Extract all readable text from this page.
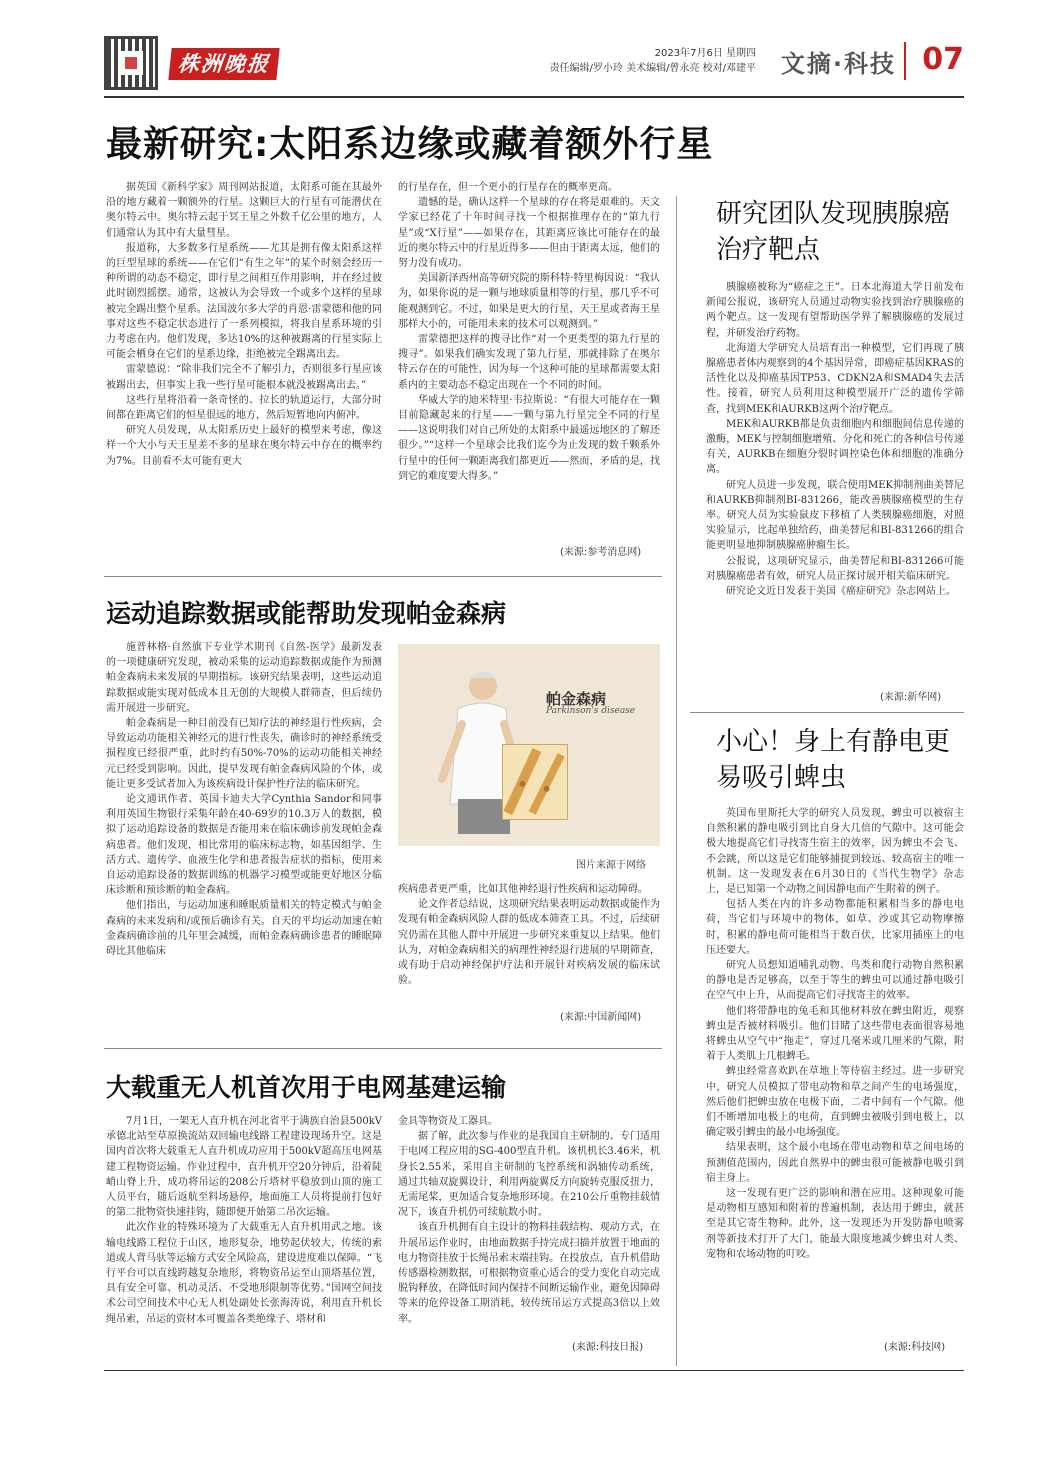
株洲晚报	2023年7月6日 星期四
责任编辑/罗小玲 美术编辑/曾永亮 校对/邓建平 文摘·科技 07
最新研究:太阳系边缘或藏着额外行星

据英国《新科学家》周刊网站报道，太阳系可能在其最外沿的地方藏着一颗额外的行星。这颗巨大的行星有可能潜伏在奥尔特云中。奥尔特云起于冥王星之外数千亿公里的地方，人们通常认为其中有大量彗星。

报道称，大多数多行星系统——尤其是拥有像太阳系这样的巨型星球的系统——在它们“有生之年”的某个时刻会经历一种所谓的动态不稳定，即行星之间相互作用影响，并在经过彼此时剧烈摇摆。通常，这被认为会导致一个或多个这样的星球被完全踢出整个星系。法国波尔多大学的肖恩·雷蒙德和他的同事对这些不稳定状态进行了一系列模拟，将我自星系环境的引力考虑在内。他们发现，多达10%的这种被踢离的行星实际上可能会栖身在它们的星系边缘，拒绝被完全踢离出去。

雷蒙德说：“除非我们完全不了解引力，否则很多行星应该被踢出去，但事实上我一些行星可能根本就没被踢离出去。”

这些行星将沿着一条奇怪的、拉长的轨道运行，大部分时间都在距离它们的恒星很远的地方，然后短暂地向内俯冲。

研究人员发现，从太阳系历史上最好的模型来考虑，像这样一个大小与天王星差不多的星球在奥尔特云中存在的概率约为7%。目前看不太可能有更大

的行星存在，但一个更小的行星存在的概率更高。

遗憾的是，确认这样一个星球的存在将是艰难的。天文学家已经花了十年时间寻找一个根据推理存在的“第九行星”或“X行星”——如果存在，其距离应该比可能存在的最近的奥尔特云中的行星近得多——但由于距离太远，他们的努力没有成功。

美国新泽西州高等研究院的斯科特·特里梅因说：“我认为，如果你说的是一颗与地球质量相等的行星，那几乎不可能观测到它。不过，如果是更大的行星，天王星或者海王星那样大小的，可能用未来的技术可以观测到。”

雷蒙德把这样的搜寻比作“对一个更类型的第九行星的搜寻”。如果我们确实发现了第九行星，那就排除了在奥尔特云存在的可能性，因为每一个这种可能的星球都需要太阳系内的主要动态不稳定出现在一个不同的时间。

华威大学的迪米特里·韦拉斯说：“有很大可能存在一颗目前隐藏起来的行星——一颗与第九行星完全不同的行星——这说明我们对自己所处的太阳系中最遥远地区的了解还很少。”“这样一个星球会比我们迄今为止发现的数千颗系外行星中的任何一颗距离我们都更近——然而，矛盾的是，找到它的难度要大得多。”

(来源:参考消息网)
运动追踪数据或能帮助发现帕金森病

施普林格·自然旗下专业学术期刊《自然-医学》最新发表的一项健康研究发现，被动采集的运动追踪数据或能作为预测帕金森病未来发展的早期指标。该研究结果表明，这些运动追踪数据或能实现对低成本且无创的大规模人群筛查，但后续仍需开展进一步研究。

帕金森病是一种目前没有已知疗法的神经退行性疾病，会导致运动功能相关神经元的进行性丧失，确诊时的神经系统受损程度已经很严重，此时约有50%-70%的运动功能相关神经元已经受到影响。因此，提早发现有帕金森病风险的个体，或能让更多受试者加入为该疾病设计保护性疗法的临床研究。

论文通讯作者、英国卡迪夫大学Cynthia Sandor和同事利用英国生物银行采集年龄在40-69岁的10.3万人的数据，模拟了运动追踪设备的数据是否能用来在临床确诊前发现帕金森病患者。他们发现，相比常用的临床标志物，如基因组学、生活方式、遗传学、血液生化学和患者报告症状的指标，使用来自运动追踪设备的数据训练的机器学习模型或能更好地区分临床诊断和预诊断的帕金森病。

他们指出，与运动加速和睡眠质量相关的特定模式与帕金森病的未来发病和/或预后确诊有关。自天的平均运动加速在帕金森病确诊前的几年里会减缓，而帕金森病确诊患者的睡眠障碍比其他临床

帕金森病
Parkinson's disease
图片来源于网络

疾病患者更严重，比如其他神经退行性疾病和运动障碍。

论文作者总结说，这项研究结果表明运动数据或能作为发现有帕金森病风险人群的低成本筛查工具。不过，后续研究仍需在其他人群中开展进一步研究来重复以上结果。他们认为，对帕金森病相关的病理性神经退行进展的早期筛查，或有助于启动神经保护疗法和开展针对疾病发展的临床试验。

(来源:中国新闻网)
大载重无人机首次用于电网基建运输

7月1日，一架无人直升机在河北省平于满族自治县500kV承德北站至草原换流站双回输电线路工程建设现场升空。这是国内首次将大载重无人直升机成功应用于500kV超高压电网基建工程物资运输。作业过程中，直升机开空20分钟后，沿着陡峭山脊上升，成功将吊运的208公斤塔材平稳放到山顶的施工人员平台，随后返航至料场悬停，地面施工人员将提前打包好的第二批物资快速挂钩，随即便开始第二吊次运输。

此次作业的特殊环境为了大载重无人直升机用武之地。该输电线路工程位于山区，地形复杂，地势起伏较大，传统的索道或人背马驮等运输方式安全风险高，建设进度难以保障。“飞行平台可以直线跨越复杂地形，将物资吊运至山顶塔基位置，具有安全可靠、机动灵活、不受地形限制等优势。”国网空间技术公司空间技术中心无人机处副处长张海涛说，利用直升机长绳吊索，吊运的资材本可覆盖各类绝缘子、塔材和

金具等物资及工器具。

据了解，此次参与作业的是我国自主研制的、专门适用于电网工程应用的SG-400型直升机。该机机长3.46米，机身长2.55米，采用自主研制的飞控系统和涡轴传动系统，通过共轴双旋翼设计，利用两旋翼反方向旋转克服反扭力，无需尾桨，更加适合复杂地形环境。在210公斤重物挂载情况下，该直升机仍可续航数小时。

该直升机拥有自主设计的物料挂载结构、观动方式，在升展吊运作业时，由地面数据手持完成扫描并放置于地面的电力物资挂放于长绳吊索末端挂钩。在投放点，直升机借助传感器检测数据，可根据物资重心适合的受力变化自动完成脱钩释放，在降低时间内保持不间断运输作业，避免因障碍等来的危停设备工期消耗，较传统吊运方式提高3倍以上效率。

(来源:科技日报)
研究团队发现胰腺癌治疗靶点

胰腺癌被称为“癌症之王”。日本北海道大学日前发布新闻公报说，该研究人员通过动物实验找到治疗胰腺癌的两个靶点。这一发现有望帮助医学界了解胰腺癌的发展过程，并研发治疗药物。

北海道大学研究人员培育出一种模型，它们再现了胰腺癌患者体内观察到的4个基因异常，即癌症基因KRAS的活性化以及抑癌基因TP53、CDKN2A和SMAD4失去活性。接着，研究人员利用这种模型展开广泛的遗传学筛查，找到MEK和AURKB这两个治疗靶点。

MEK和AURKB都是负责细胞内和细胞间信息传递的激酶，MEK与控制细胞增殖、分化和死亡的各种信号传递有关，AURKB在细胞分裂时调控染色体和细胞的准确分离。

研究人员进一步发现，联合使用MEK抑制剂曲美替尼和AURKB抑制剂BI-831266，能改善胰腺癌模型的生存率。研究人员为实验鼠皮下移植了人类胰腺癌细胞，对照实验显示，比起单独给药，曲美替尼和BI-831266的组合能更明显地抑制胰腺癌肿瘤生长。

公报说，这项研究显示，曲美替尼和BI-831266可能对胰腺癌患者有效，研究人员正探讨展开相关临床研究。

研究论文近日发表于美国《癌症研究》杂志网站上。

(来源:新华网)
小心！身上有静电更易吸引蜱虫

英国布里斯托大学的研究人员发现，蜱虫可以被宿主自然积累的静电吸引到比自身大几倍的气隙中。这可能会极大地提高它们寻找寄生宿主的效率，因为蜱虫不会飞、不会跳，所以这是它们能够捕捉到较远、较高宿主的唯一机制。这一发现发表在6月30日的《当代生物学》杂志上，是已知第一个动物之间因静电而产生附着的例子。

包括人类在内的许多动物都能积累相当多的静电电荷，当它们与环境中的物体，如草、沙或其它动物摩擦时，积累的静电荷可能相当于数百伏，比家用插座上的电压还要大。

研究人员想知道哺乳动物、鸟类和爬行动物自然积累的静电是否足够高，以至于等生的蜱虫可以通过静电吸引在空气中上升，从而提高它们寻找寄主的效率。

他们将带静电的兔毛和其他材料放在蜱虫附近，观察蜱虫是否被材料吸引。他们目睹了这些带电表面很容易地将蜱虫从空气中“拖走”，穿过几毫米或几厘米的气隙，附着于人类肌上几根蜱毛。

蜱虫经常喜欢趴在草地上等待宿主经过。进一步研究中，研究人员模拟了带电动物和草之间产生的电场强度，然后他们把蜱虫放在电极下面，二者中间有一个气隙。他们不断增加电极上的电荷，直到蜱虫被吸引到电极上，以确定吸引蜱虫的最小电场强度。

结果表明，这个最小电场在带电动物和草之间电场的预测值范围内，因此自然界中的蜱虫很可能被静电吸引到宿主身上。

这一发现有更广泛的影响和潜在应用。这种现象可能是动物相互感知和附着的普遍机制，表达用于蜱虫，就甚至是其它寄生物种。此外，这一发现还为开发防静电喷雾剂等新技术打开了大门，能最大限度地减少蜱虫对人类、宠物和农场动物的叮咬。

(来源:科技网)
